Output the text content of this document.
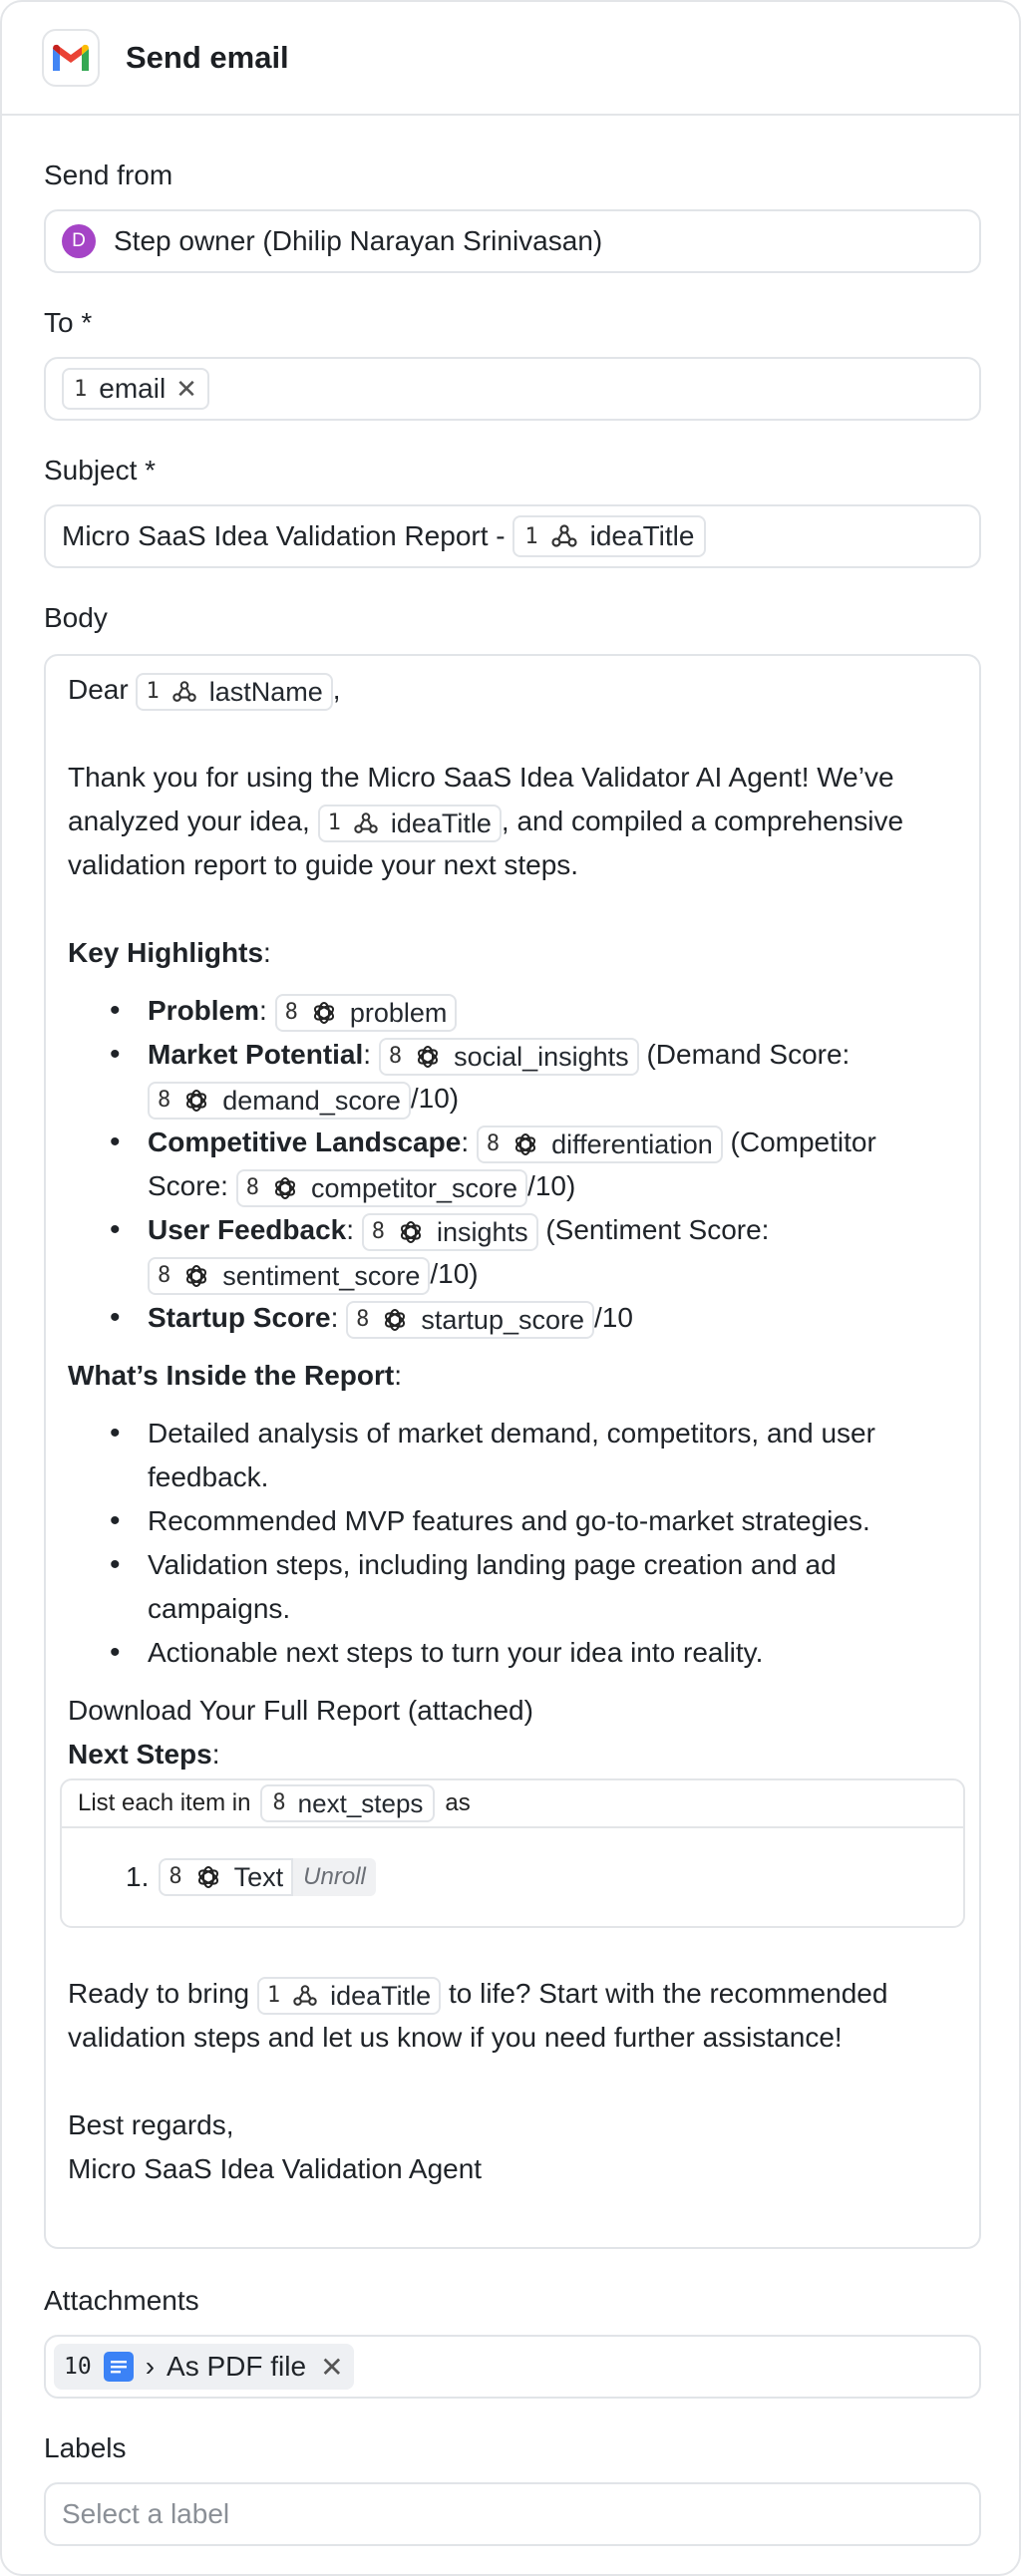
Send email
Send from
D	Step owner (Dhilip Narayan Srinivasan)
To *
1 email ✕
Subject *
Micro SaaS Idea Validation Report - 1 ideaTitle
Body

Dear 1 lastName ,

Thank you for using the Micro SaaS Idea Validator AI Agent! We’ve analyzed your idea, 1 ideaTitle , and compiled a comprehensive validation report to guide your next steps.

Key Highlights:

• Problem: 8 problem
• Market Potential: 8 social_insights (Demand Score:
8 demand_score /10)
• Competitive Landscape: 8 differentiation (Competitor Score: 8 competitor_score /10)
• User Feedback: 8 insights (Sentiment Score:
8 sentiment_score /10)
• Startup Score: 8 startup_score /10

What’s Inside the Report:

• Detailed analysis of market demand, competitors, and user feedback.
• Recommended MVP features and go-to-market strategies.
• Validation steps, including landing page creation and ad campaigns.
• Actionable next steps to turn your idea into reality.

Download Your Full Report (attached)

Next Steps:

List each item in 8 next_steps as
1. 8 Text Unroll

Ready to bring 1 ideaTitle to life? Start with the recommended validation steps and let us know if you need further assistance!

Best regards,

Micro SaaS Idea Validation Agent

Attachments
10 › As PDF file ✕
Labels
Select a label
